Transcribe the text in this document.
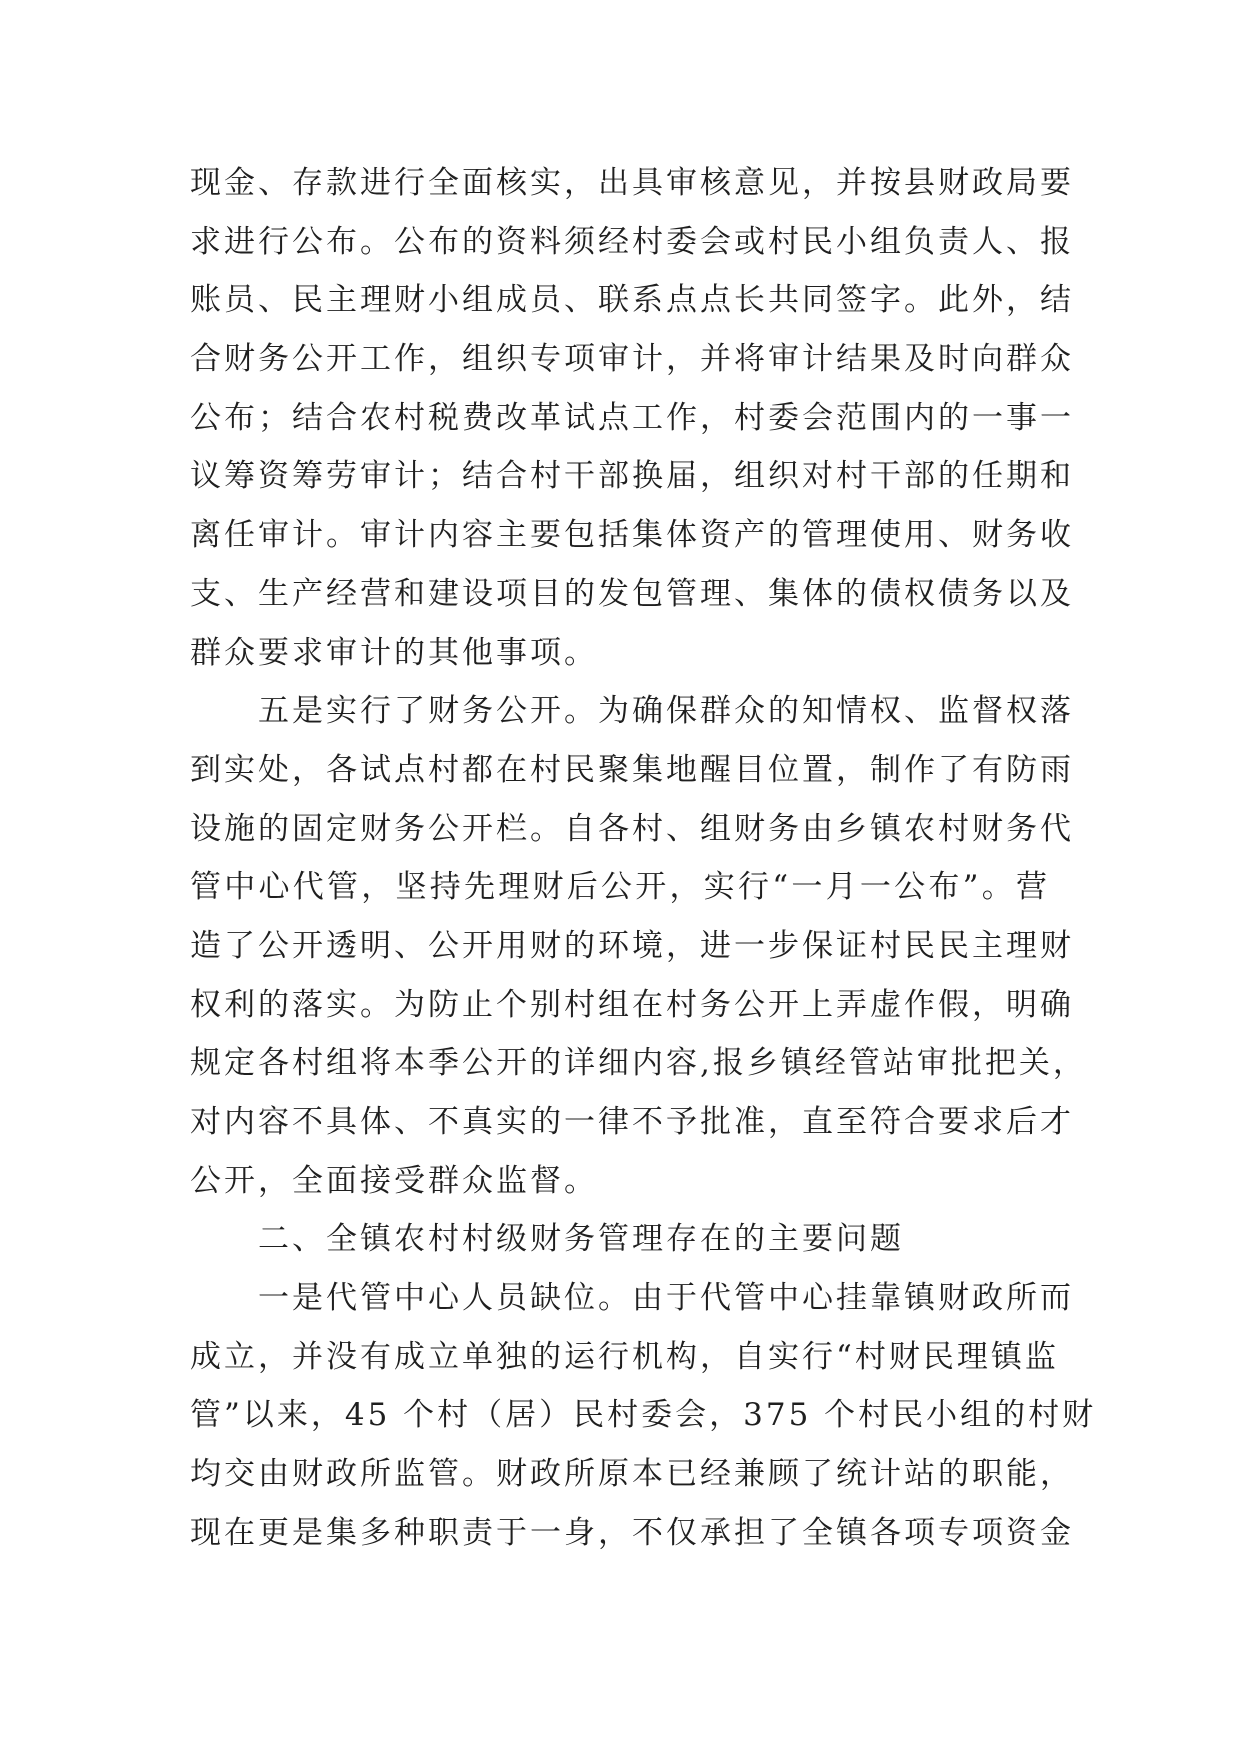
现金、存款进行全面核实，出具审核意见，并按县财政局要
求进行公布。公布的资料须经村委会或村民小组负责人、报
账员、民主理财小组成员、联系点点长共同签字。此外，结
合财务公开工作，组织专项审计，并将审计结果及时向群众
公布；结合农村税费改革试点工作，村委会范围内的一事一
议筹资筹劳审计；结合村干部换届，组织对村干部的任期和
离任审计。审计内容主要包括集体资产的管理使用、财务收
支、生产经营和建设项目的发包管理、集体的债权债务以及
群众要求审计的其他事项。
五是实行了财务公开。为确保群众的知情权、监督权落
到实处，各试点村都在村民聚集地醒目位置，制作了有防雨
设施的固定财务公开栏。自各村、组财务由乡镇农村财务代
管中心代管，坚持先理财后公开，实行“一月一公布”。营
造了公开透明、公开用财的环境，进一步保证村民民主理财
权利的落实。为防止个别村组在村务公开上弄虚作假，明确
规定各村组将本季公开的详细内容,报乡镇经管站审批把关，
对内容不具体、不真实的一律不予批准，直至符合要求后才
公开，全面接受群众监督。
二、全镇农村村级财务管理存在的主要问题
一是代管中心人员缺位。由于代管中心挂靠镇财政所而
成立，并没有成立单独的运行机构，自实行“村财民理镇监
管”以来，45 个村（居）民村委会，375 个村民小组的村财
均交由财政所监管。财政所原本已经兼顾了统计站的职能，
现在更是集多种职责于一身，不仅承担了全镇各项专项资金
